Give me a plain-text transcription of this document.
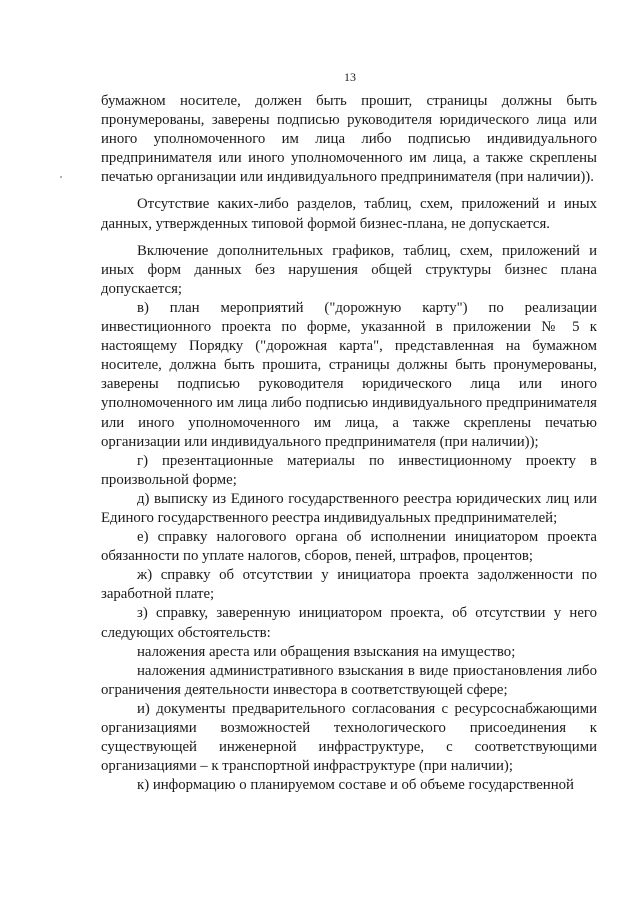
13

бумажном носителе, должен быть прошит, страницы должны быть пронумерованы, заверены подписью руководителя юридического лица или иного уполномоченного им лица либо подписью индивидуального предпринимателя или иного уполномоченного им лица, а также скреплены печатью организации или индивидуального предпринимателя (при наличии)).

Отсутствие каких-либо разделов, таблиц, схем, приложений и иных данных, утвержденных типовой формой бизнес-плана, не допускается.

Включение дополнительных графиков, таблиц, схем, приложений и иных форм данных без нарушения общей структуры бизнес плана допускается;

в) план мероприятий ("дорожную карту") по реализации инвестиционного проекта по форме, указанной в приложении № 5 к настоящему Порядку ("дорожная карта", представленная на бумажном носителе, должна быть прошита, страницы должны быть пронумерованы, заверены подписью руководителя юридического лица или иного уполномоченного им лица либо подписью индивидуального предпринимателя или иного уполномоченного им лица, а также скреплены печатью организации или индивидуального предпринимателя (при наличии));

г) презентационные материалы по инвестиционному проекту в произвольной форме;

д) выписку из Единого государственного реестра юридических лиц или Единого государственного реестра индивидуальных предпринимателей;

е) справку налогового органа об исполнении инициатором проекта обязанности по уплате налогов, сборов, пеней, штрафов, процентов;

ж) справку об отсутствии у инициатора проекта задолженности по заработной плате;

з) справку, заверенную инициатором проекта, об отсутствии у него следующих обстоятельств:

наложения ареста или обращения взыскания на имущество;

наложения административного взыскания в виде приостановления либо ограничения деятельности инвестора в соответствующей сфере;

и) документы предварительного согласования с ресурсоснабжающими организациями возможностей технологического присоединения к существующей инженерной инфраструктуре, с соответствующими организациями – к транспортной инфраструктуре (при наличии);

к) информацию о планируемом составе и об объеме государственной
